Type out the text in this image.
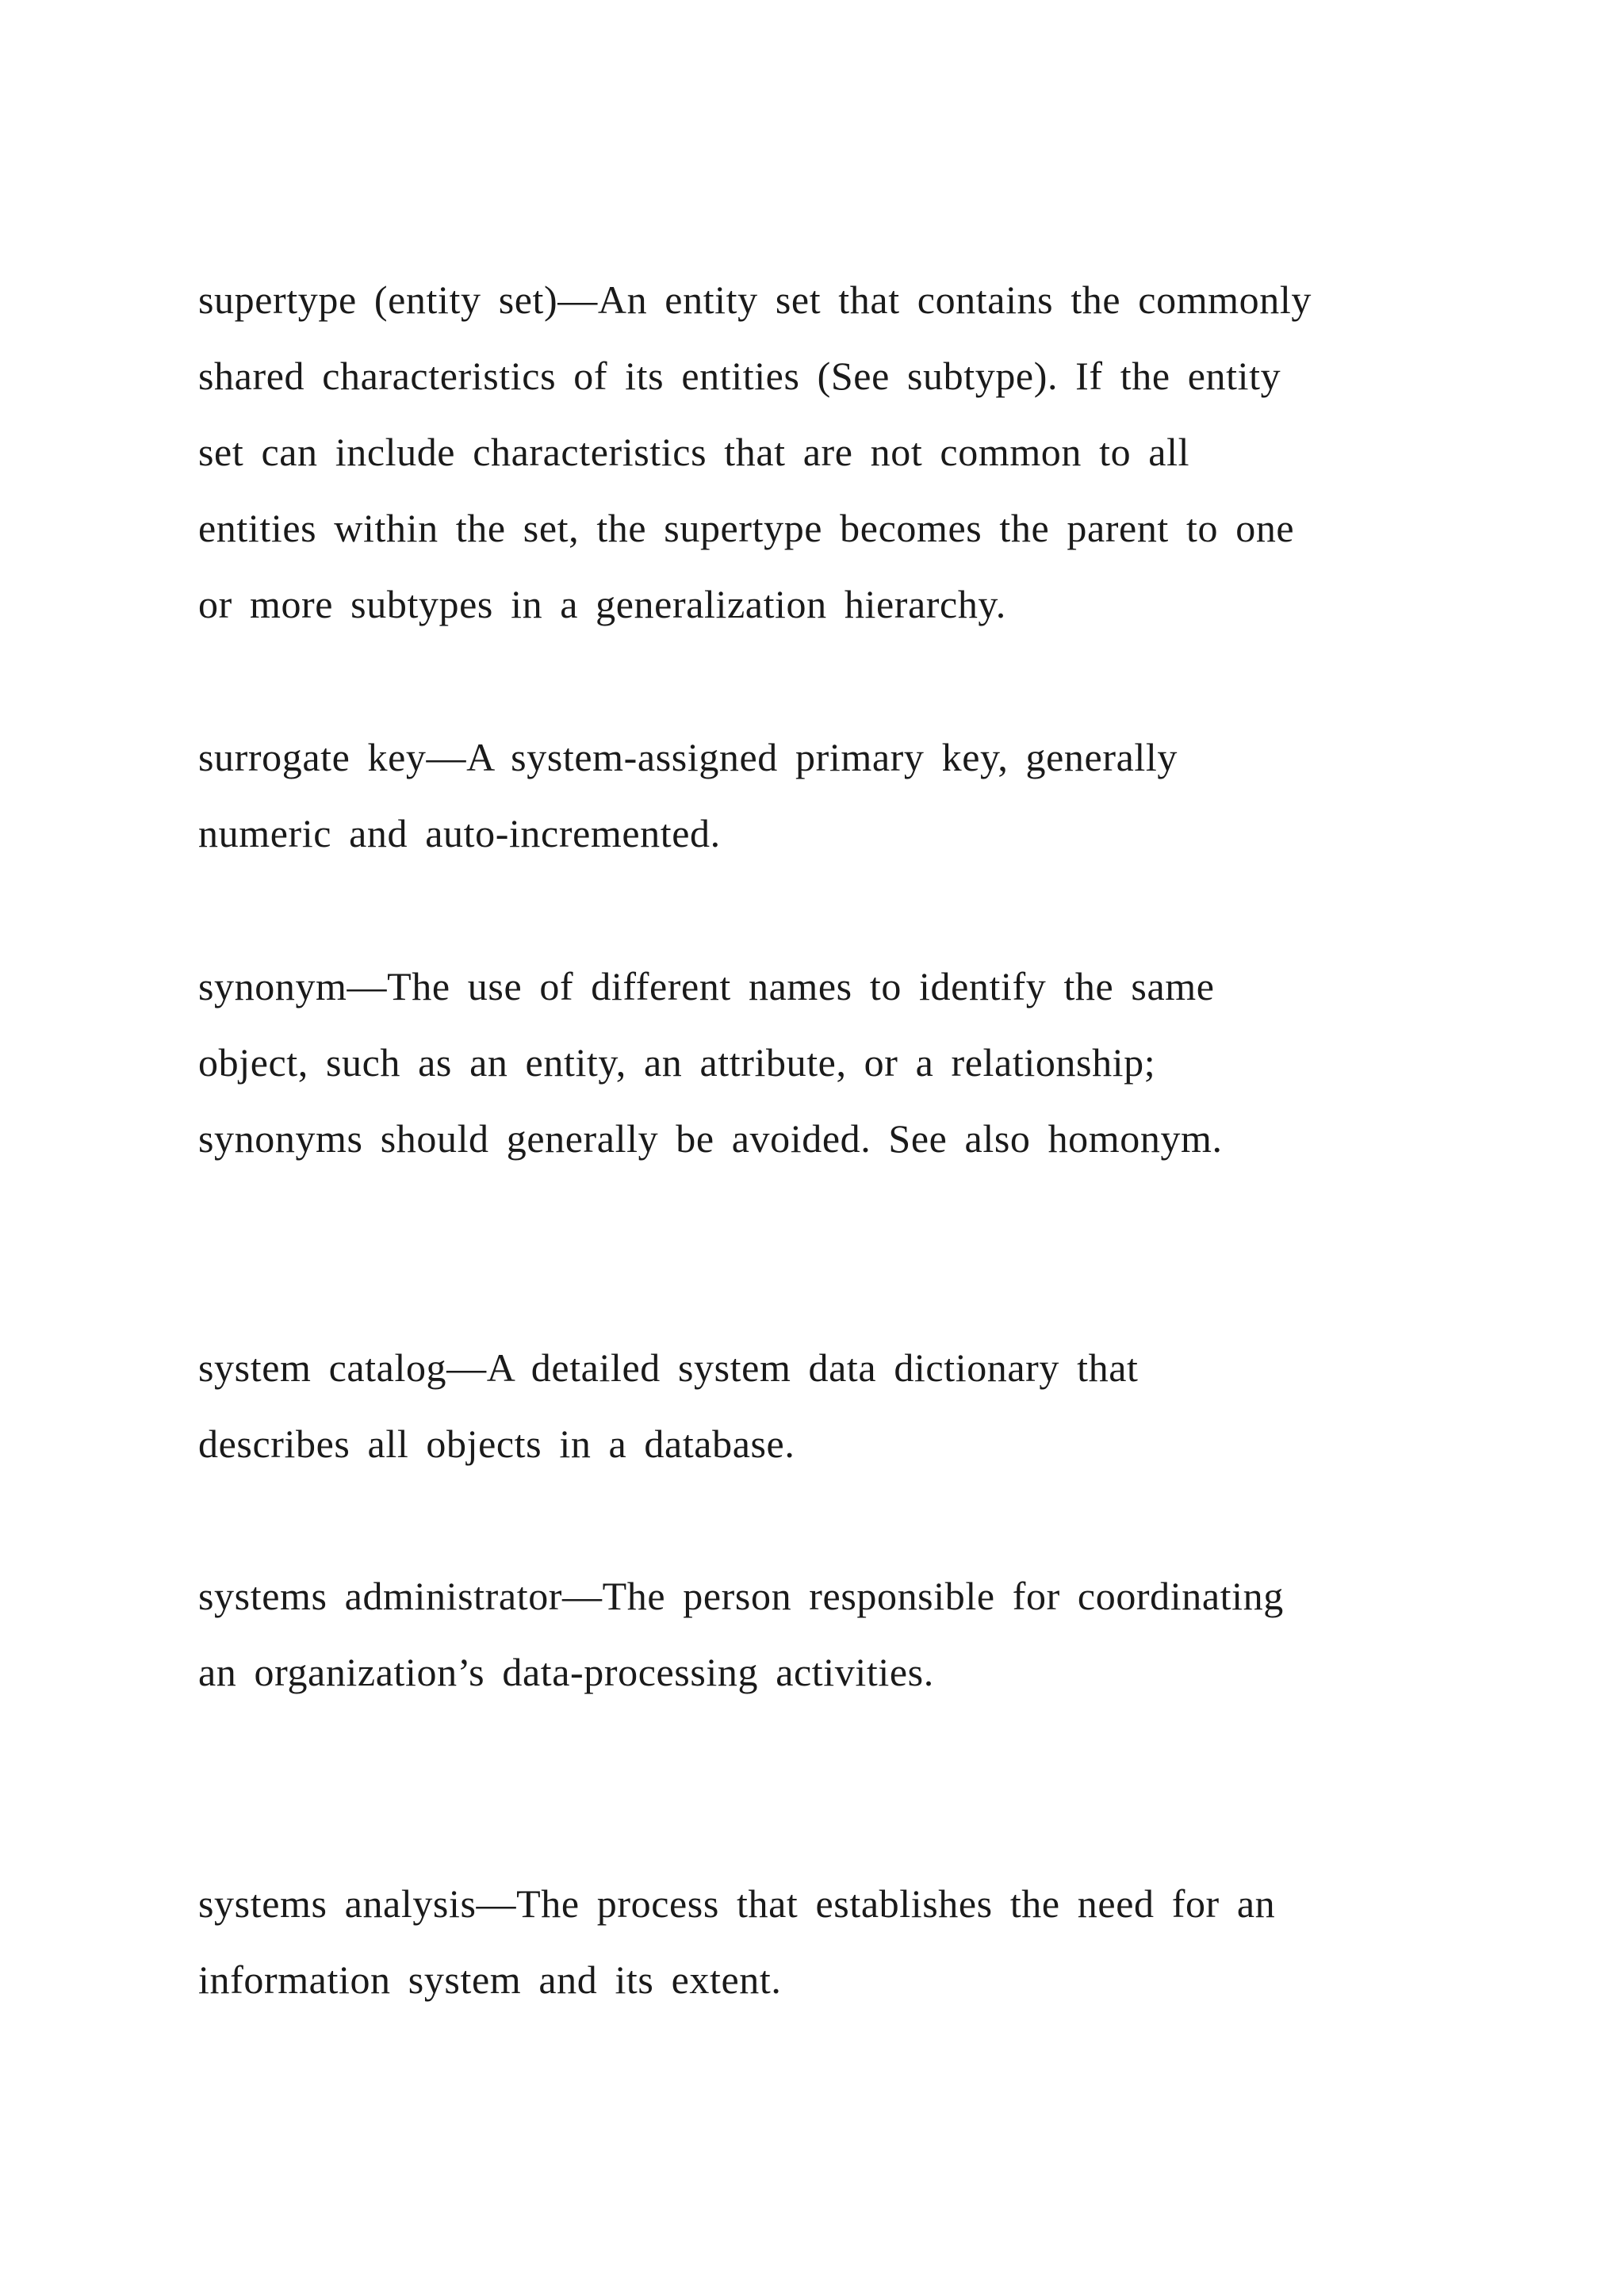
supertype (entity set)—An entity set that contains the commonly
shared characteristics of its entities (See subtype). If the entity
set can include characteristics that are not common to all
entities within the set, the supertype becomes the parent to one
or more subtypes in a generalization hierarchy.

surrogate key—A system-assigned primary key, generally
numeric and auto-incremented.

synonym—The use of different names to identify the same
object, such as an entity, an attribute, or a relationship;
synonyms should generally be avoided. See also homonym.

system catalog—A detailed system data dictionary that
describes all objects in a database.

systems administrator—The person responsible for coordinating
an organization’s data-processing activities.

systems analysis—The process that establishes the need for an
information system and its extent.
